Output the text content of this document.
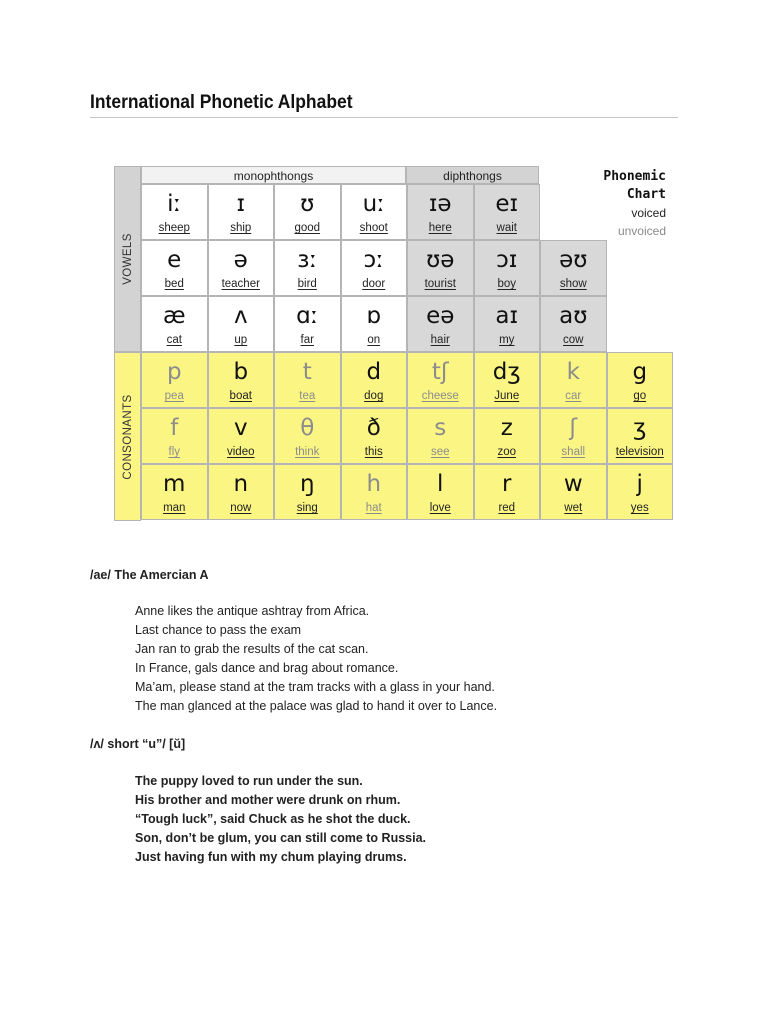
International Phonetic Alphabet
VOWELS
CONSONANTS
monophthongs	diphthongs	Phonemic
Chart
voiced
unvoiced
iː
sheep
ɪ
ship
ʊ
good
uː
shoot
ɪə
here
eɪ
wait
e
bed
ə
teacher
ɜː
bird
ɔː
door
ʊə
tourist
ɔɪ
boy
əʊ
show
æ
cat
ʌ
up
ɑː
far
ɒ
on
eə
hair
aɪ
my
aʊ
cow
p
pea
b
boat
t
tea
d
dog
tʃ
cheese
dʒ
June
k
car
g
go
f
fly
v
video
θ
think
ð
this
s
see
z
zoo
ʃ
shall
ʒ
television
m
man
n
now
ŋ
sing
h
hat
l
love
r
red
w
wet
j
yes
/ae/ The Amercian A
Anne likes the antique ashtray from Africa.
Last chance to pass the exam
Jan ran to grab the results of the cat scan.
In France, gals dance and brag about romance.
Ma’am, please stand at the tram tracks with a glass in your hand.
The man glanced at the palace was glad to hand it over to Lance.
/ʌ/ short “u”/ [ŭ]
The puppy loved to run under the sun.
His brother and mother were drunk on rhum.
“Tough luck”, said Chuck as he shot the duck.
Son, don’t be glum, you can still come to Russia.
Just having fun with my chum playing drums.
